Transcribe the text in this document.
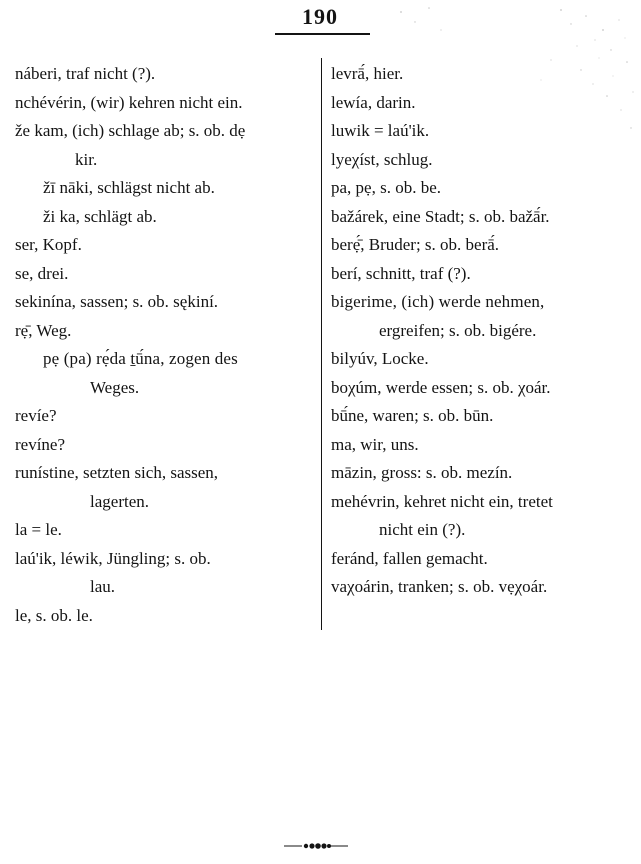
190
náberi, traf nicht (?).
nchévérin, (wir) kehren nicht ein.
že kam, (ich) schlage ab; s. ob. dẹ
kir.
žī nāki, schlägst nicht ab.
ži ka, schlägt ab.
ser, Kopf.
se, drei.
sekinína, sassen; s. ob. sękiní.
rẹ̄, Weg.
pẹ (pa) rẹ́da ṯū́na, zogen des
Weges.
revíe?
revíne?
runístine, setzten sich, sassen,
lagerten.
la = le.
laú'ik, léwik, Jüngling; s. ob.
lau.
le, s. ob. le.
levrā́, hier.
lewía, darin.
luwik = laú'ik.
lyeχíst, schlug.
pa, pẹ, s. ob. be.
bažárek, eine Stadt; s. ob. bažā́r.
berẹ̄́, Bruder; s. ob. berā́.
berí, schnitt, traf (?).
bigerime, (ich) werde nehmen,
ergreifen; s. ob. bigére.
bilyúv, Locke.
boχúm, werde essen; s. ob. χoár.
bū́ne, waren; s. ob. būn.
ma, wir, uns.
māzin, gross: s. ob. mezín.
mehévrin, kehret nicht ein, tretet
nicht ein (?).
feránd, fallen gemacht.
vaχoárin, tranken; s. ob. vẹχoár.
